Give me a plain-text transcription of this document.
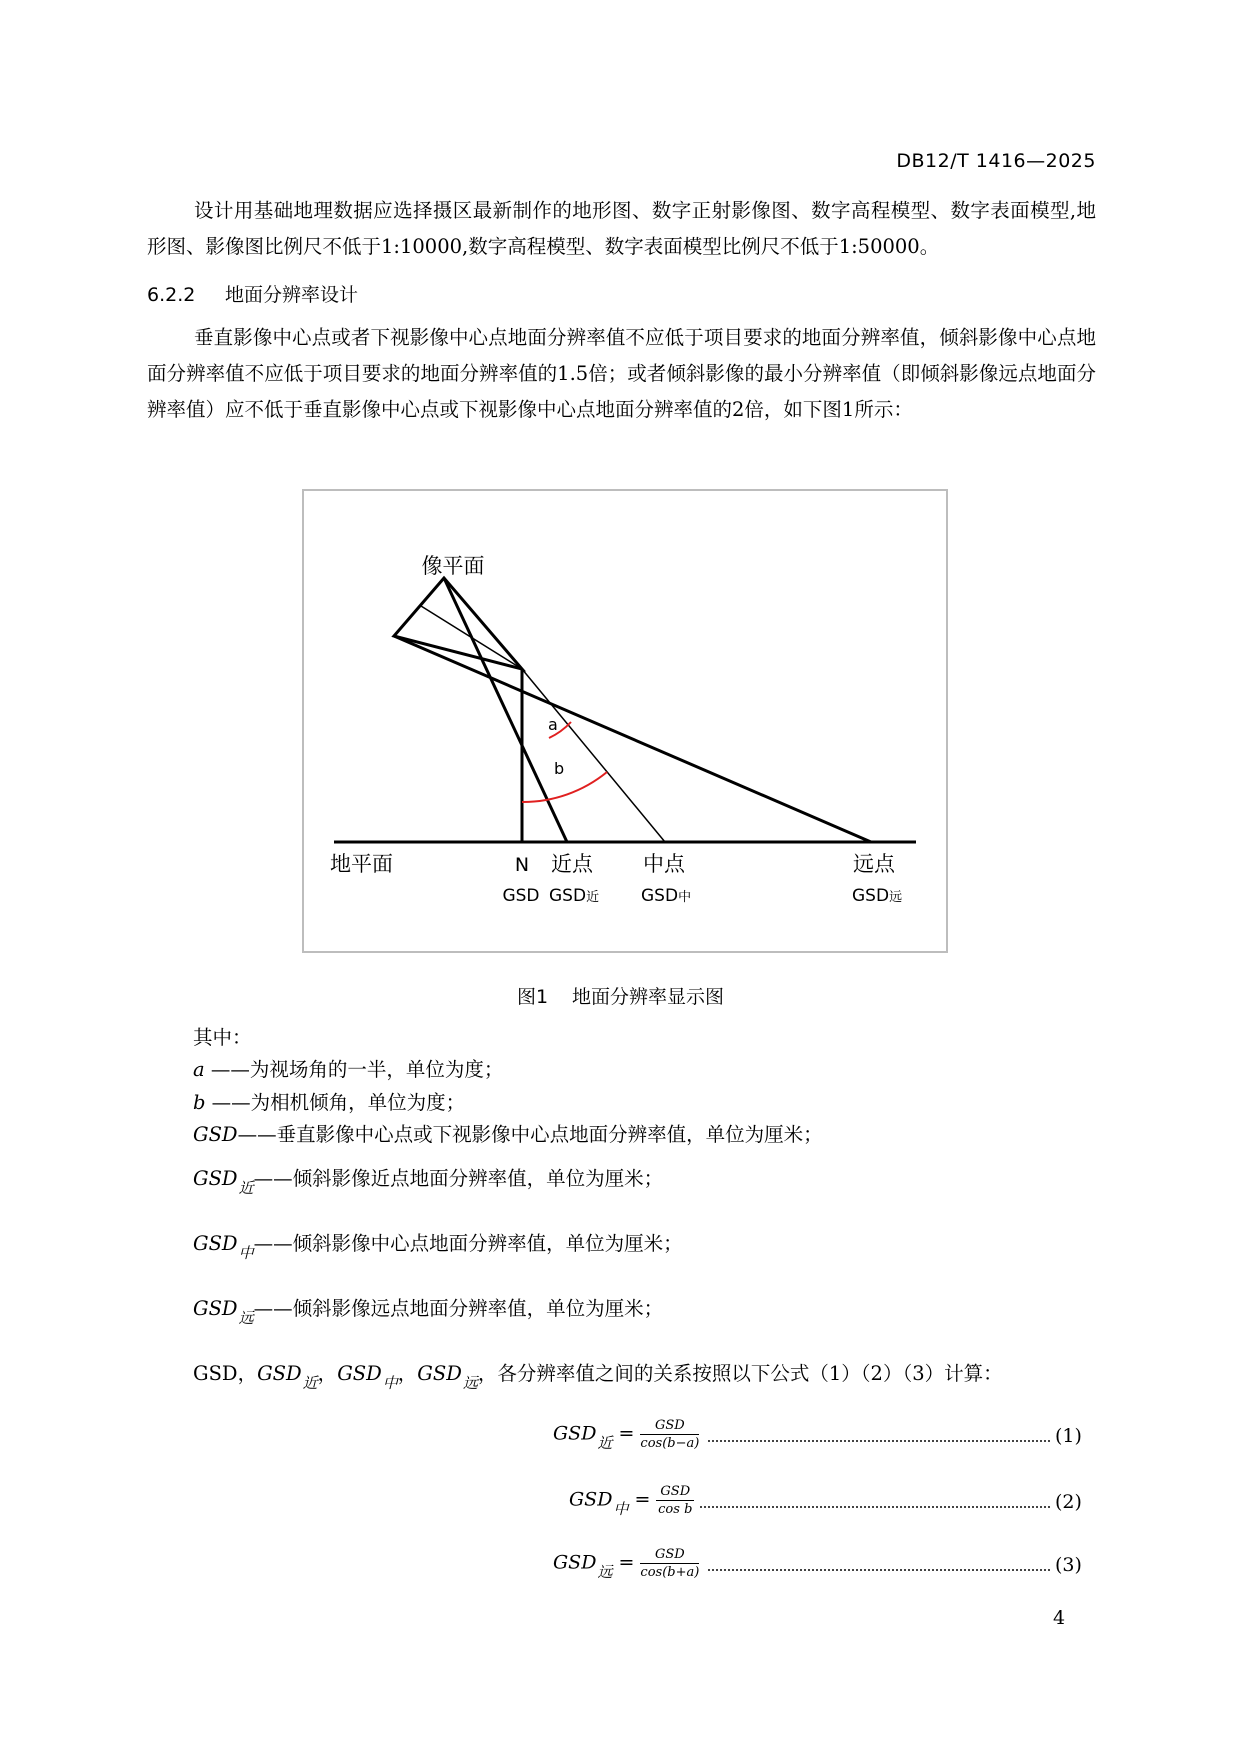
DB12/T 1416—2025
设计用基础地理数据应选择摄区最新制作的地形图、数字正射影像图、数字高程模型、数字表面模型,地形图、影像图比例尺不低于1:10000,数字高程模型、数字表面模型比例尺不低于1:50000。
6.2.2 地面分辨率设计
垂直影像中心点或者下视影像中心点地面分辨率值不应低于项目要求的地面分辨率值，倾斜影像中心点地面分辨率值不应低于项目要求的地面分辨率值的1.5倍；或者倾斜影像的最小分辨率值（即倾斜影像远点地面分辨率值）应不低于垂直影像中心点或下视影像中心点地面分辨率值的2倍，如下图1所示：
像平面
a
b
地平面	N 近点 中点	远点
GSD GSD近 GSD中	GSD远
图1 地面分辨率显示图
其中：
a ——为视场角的一半，单位为度；
b ——为相机倾角，单位为度；
GSD——垂直影像中心点或下视影像中心点地面分辨率值，单位为厘米；
$GSD_近——$倾斜影像近点地面分辨率值，单位为厘米；
$GSD_中——$倾斜影像中心点地面分辨率值，单位为厘米；
$GSD_远——$倾斜影像远点地面分辨率值，单位为厘米；
GSD，$GSD_近$，$GSD_中$，$GSD_远$，各分辨率值之间的关系按照以下公式（1）（2）（3）计算：
$GSD_近 = \frac{\text{GSD}}{\cos(b-a)}$	(1)
$GSD_中 = \frac{\text{GSD}}{\text{cos b}}$	(2)
$GSD_远 = \frac{\text{GSD}}{\cos(b+a)}$	(3)
4
